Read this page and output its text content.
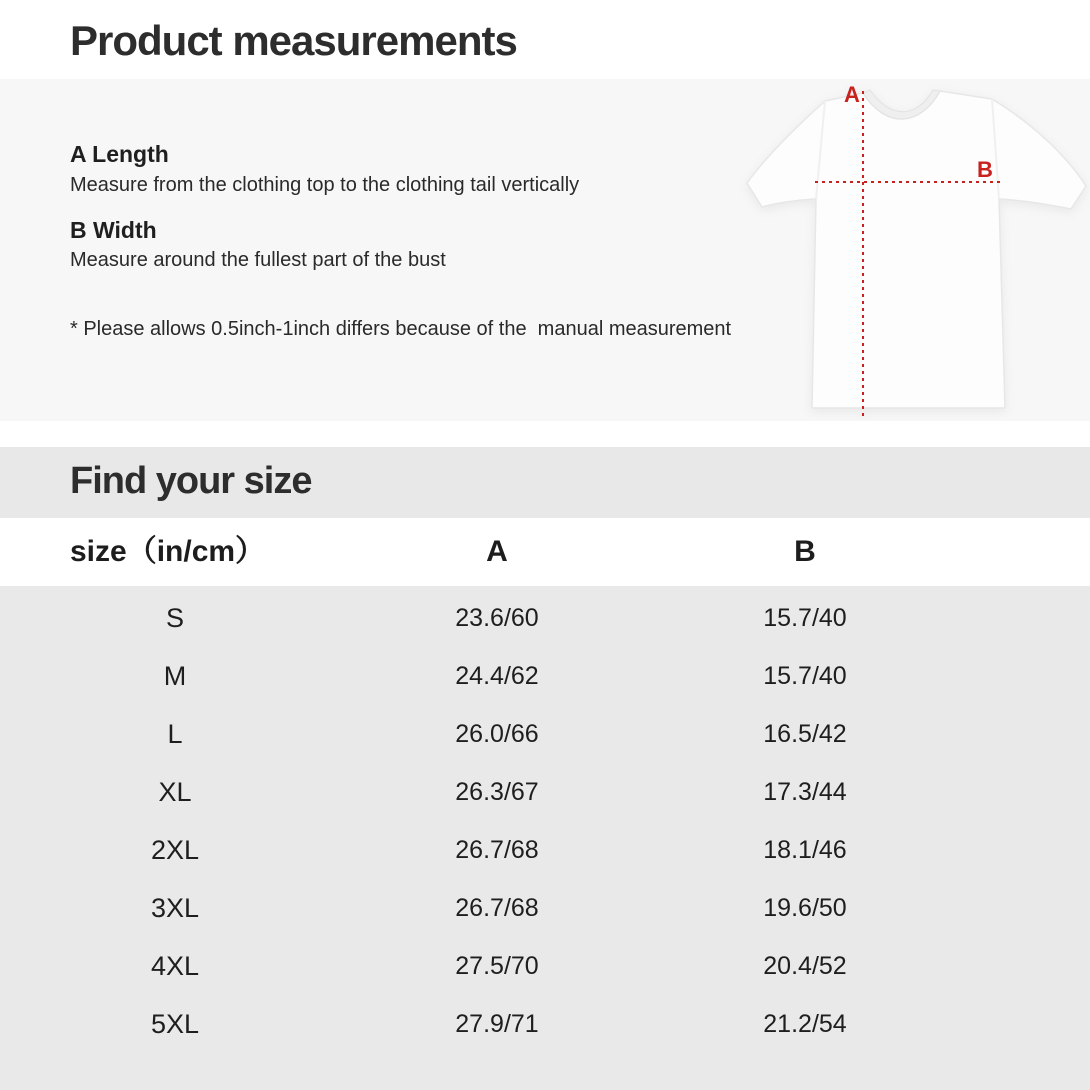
Product measurements
A Length
Measure from the clothing top to the clothing tail vertically
B Width
Measure around the fullest part of the bust
* Please allows 0.5inch-1inch differs because of the  manual measurement
A
B
Find your size
size（in/cm）	A	B
S	23.6/60	15.7/40
M	24.4/62	15.7/40
L	26.0/66	16.5/42
XL	26.3/67	17.3/44
2XL	26.7/68	18.1/46
3XL	26.7/68	19.6/50
4XL	27.5/70	20.4/52
5XL	27.9/71	21.2/54
